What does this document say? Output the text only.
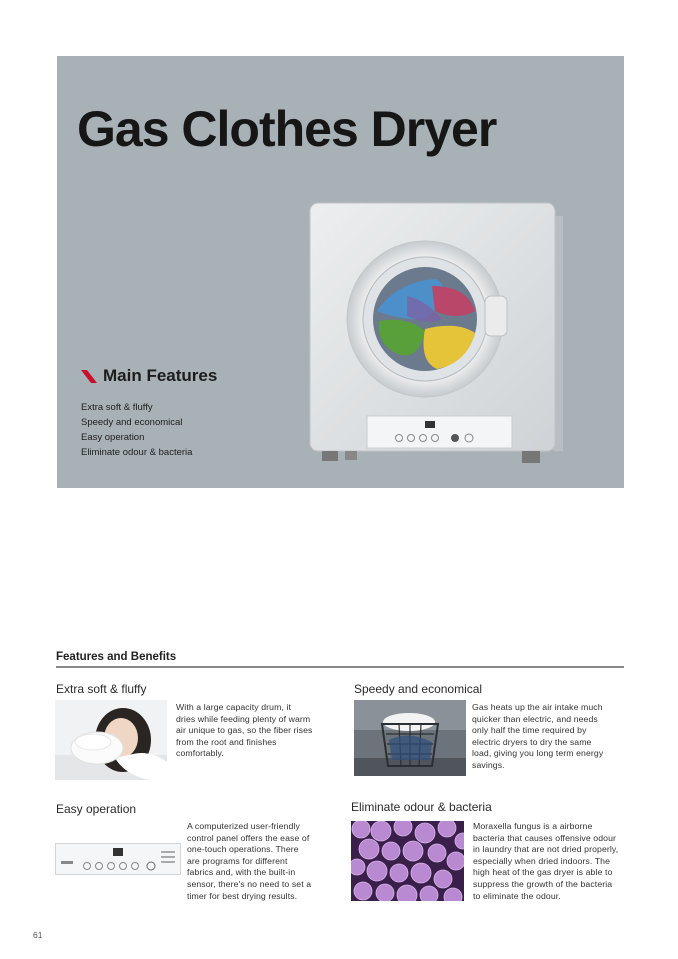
Gas Clothes Dryer
Main Features
Extra soft & fluffy
Speedy and economical
Easy operation
Eliminate odour & bacteria
Features and Benefits
Extra soft & fluffy
With a large capacity drum, it
dries while feeding plenty of warm
air unique to gas, so the fiber rises
from the root and finishes
comfortably.
Speedy and economical
Gas heats up the air intake much
quicker than electric, and needs
only half the time required by
electric dryers to dry the same
load, giving you long term energy
savings.
Easy operation
A computerized user-friendly
control panel offers the ease of
one-touch operations. There
are programs for different
fabrics and, with the built-in
sensor, there's no need to set a
timer for best drying results.
Eliminate odour & bacteria
Moraxella fungus is a airborne
bacteria that causes offensive odour
in laundry that are not dried properly,
especially when dried indoors. The
high heat of the gas dryer is able to
suppress the growth of the bacteria
to eliminate the odour.
61
